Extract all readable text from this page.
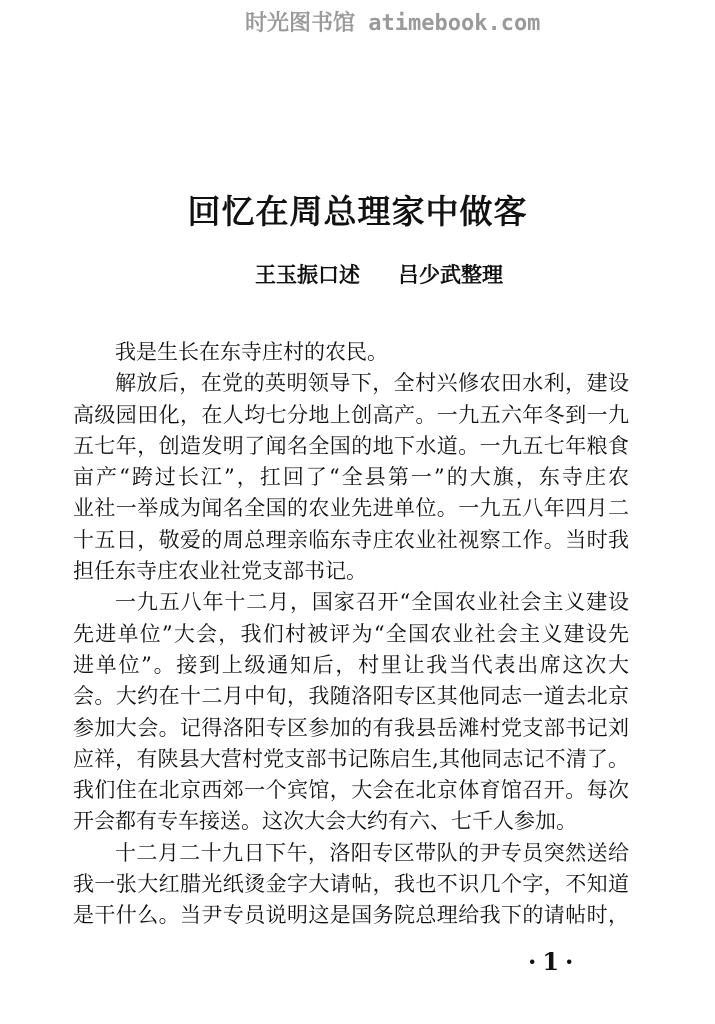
时光图书馆 atimebook.com
回忆在周总理家中做客
王玉振口述 吕少武整理
我是生长在东寺庄村的农民。
解放后，在党的英明领导下，全村兴修农田水利，建设
高级园田化，在人均七分地上创高产。一九五六年冬到一九
五七年，创造发明了闻名全国的地下水道。一九五七年粮食
亩产“跨过长江”，扛回了“全县第一”的大旗，东寺庄农
业社一举成为闻名全国的农业先进单位。一九五八年四月二
十五日，敬爱的周总理亲临东寺庄农业社视察工作。当时我
担任东寺庄农业社党支部书记。
一九五八年十二月，国家召开“全国农业社会主义建设
先进单位”大会，我们村被评为“全国农业社会主义建设先
进单位”。接到上级通知后，村里让我当代表出席这次大
会。大约在十二月中旬，我随洛阳专区其他同志一道去北京
参加大会。记得洛阳专区参加的有我县岳滩村党支部书记刘
应祥，有陕县大营村党支部书记陈启生,其他同志记不清了。
我们住在北京西郊一个宾馆，大会在北京体育馆召开。每次
开会都有专车接送。这次大会大约有六、七千人参加。
十二月二十九日下午，洛阳专区带队的尹专员突然送给
我一张大红腊光纸烫金字大请帖，我也不识几个字，不知道
是干什么。当尹专员说明这是国务院总理给我下的请帖时，
·1·
